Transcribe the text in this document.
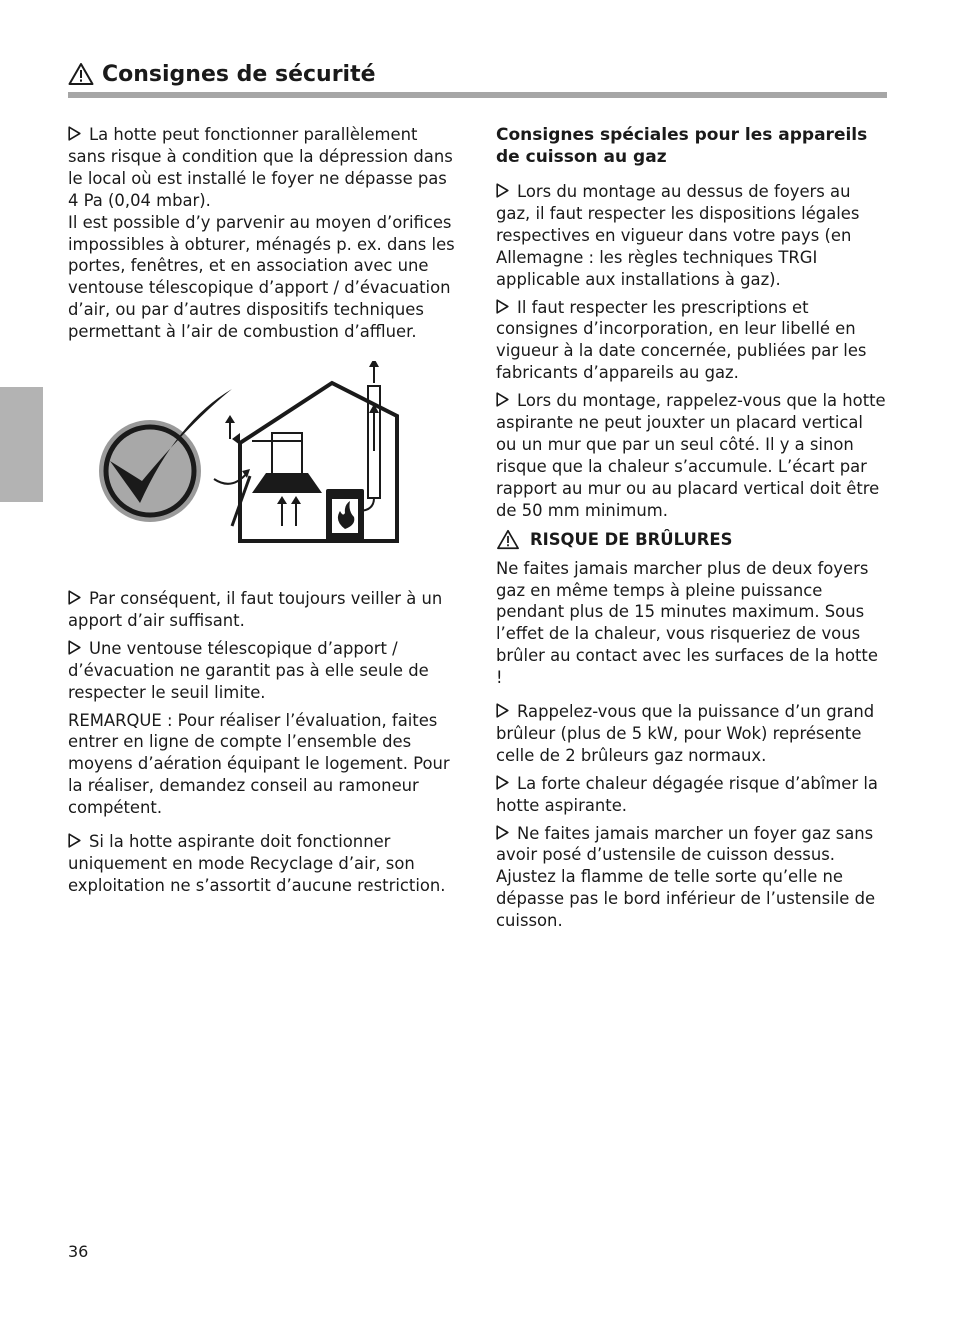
Consignes de sécurité

La hotte peut fonctionner parallèlement sans risque à condition que la dépression dans le local où est installé le foyer ne dépasse pas 4 Pa (0,04 mbar).

Il est possible d’y parvenir au moyen d’orifices impossibles à obturer, ménagés p. ex. dans les portes, fenêtres, et en association avec une ventouse télescopique d’apport / d’évacuation d’air, ou par d’autres dispositifs techniques permettant à l’air de combustion d’affluer.

Par conséquent, il faut toujours veiller à un apport d’air suffisant.

Une ventouse télescopique d’apport / d’évacuation ne garantit pas à elle seule de respecter le seuil limite.

REMARQUE : Pour réaliser l’évaluation, faites entrer en ligne de compte l’ensemble des moyens d’aération équipant le logement. Pour la réaliser, demandez conseil au ramoneur compétent.

Si la hotte aspirante doit fonctionner uniquement en mode Recyclage d’air, son exploitation ne s’assortit d’aucune restriction.

Consignes spéciales pour les appareils de cuisson au gaz

Lors du montage au dessus de foyers au gaz, il faut respecter les dispositions légales respectives en vigueur dans votre pays (en Allemagne : les règles techniques TRGI applicable aux installations à gaz).

Il faut respecter les prescriptions et consignes d’incorporation, en leur libellé en vigueur à la date concernée, publiées par les fabricants d’appareils au gaz.

Lors du montage, rappelez-vous que la hotte aspirante ne peut jouxter un placard vertical ou un mur que par un seul côté. Il y a sinon risque que la chaleur s’accumule. L’écart par rapport au mur ou au placard vertical doit être de 50 mm minimum.

RISQUE DE BRÛLURES

Ne faites jamais marcher plus de deux foyers gaz en même temps à pleine puissance pendant plus de 15 minutes maximum. Sous l’effet de la chaleur, vous risqueriez de vous brûler au contact avec les surfaces de la hotte !

Rappelez-vous que la puissance d’un grand brûleur (plus de 5 kW, pour Wok) représente celle de 2 brûleurs gaz normaux.

La forte chaleur dégagée risque d’abîmer la hotte aspirante.

Ne faites jamais marcher un foyer gaz sans avoir posé d’ustensile de cuisson dessus. Ajustez la flamme de telle sorte qu’elle ne dépasse pas le bord inférieur de l’ustensile de cuisson.

36
